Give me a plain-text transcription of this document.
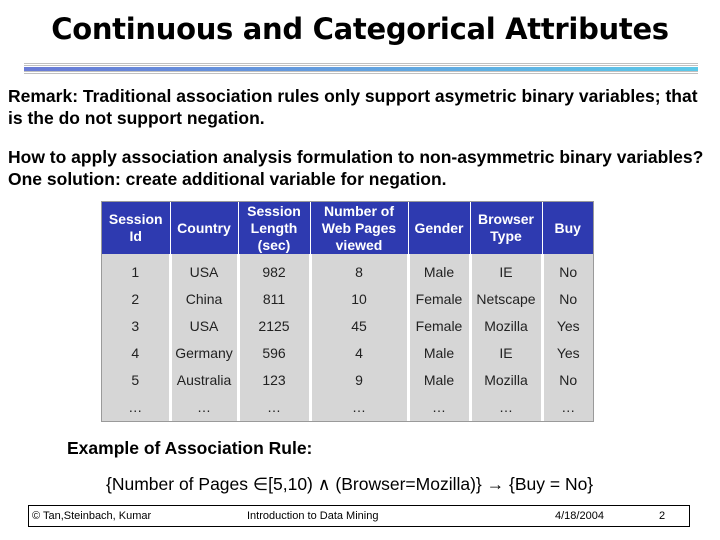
Continuous and Categorical Attributes

Remark: Traditional association rules only support asymetric binary variables; that is the do not support negation.

How to apply association analysis formulation to non-asymmetric binary variables? One solution: create additional variable for negation.

Session Id	Country	Session Length (sec)	Number of Web Pages viewed	Gender	Browser Type	Buy
1	USA	982	8	Male	IE	No
2	China	811	10	Female	Netscape	No
3	USA	2125	45	Female	Mozilla	Yes
4	Germany	596	4	Male	IE	Yes
5	Australia	123	9	Male	Mozilla	No
…	…	…	…	…	…	…
Example of Association Rule:
{Number of Pages ∈[5,10) ∧ (Browser=Mozilla)} → {Buy = No}
© Tan,Steinbach, Kumar	Introduction to Data Mining	4/18/2004	2
